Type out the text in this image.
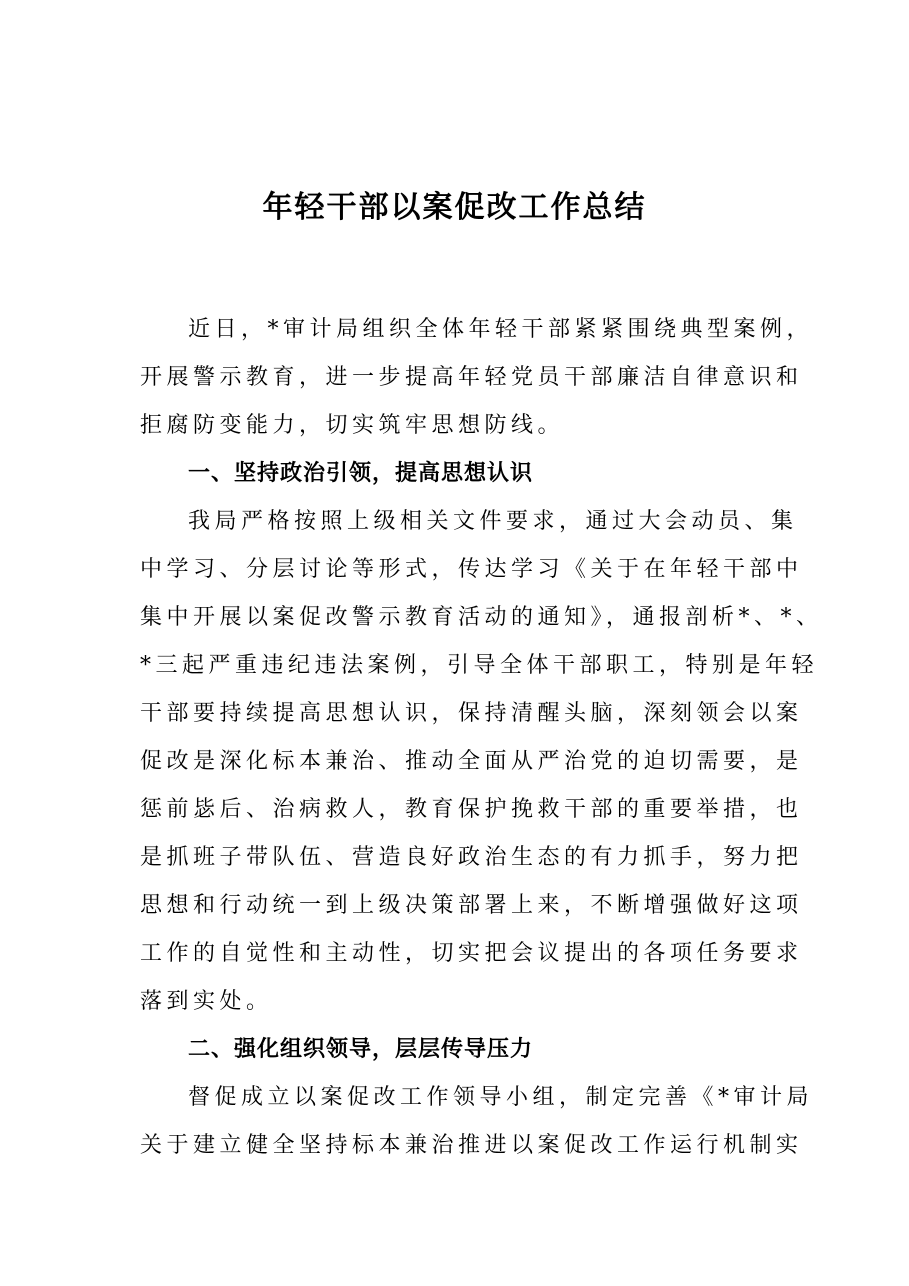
年轻干部以案促改工作总结
近日，*审计局组织全体年轻干部紧紧围绕典型案例，
开展警示教育，进一步提高年轻党员干部廉洁自律意识和
拒腐防变能力，切实筑牢思想防线。
一、坚持政治引领，提高思想认识
我局严格按照上级相关文件要求，通过大会动员、集
中学习、分层讨论等形式，传达学习《关于在年轻干部中
集中开展以案促改警示教育活动的通知》，通报剖析*、*、
*三起严重违纪违法案例，引导全体干部职工，特别是年轻
干部要持续提高思想认识，保持清醒头脑，深刻领会以案
促改是深化标本兼治、推动全面从严治党的迫切需要，是
惩前毖后、治病救人，教育保护挽救干部的重要举措，也
是抓班子带队伍、营造良好政治生态的有力抓手，努力把
思想和行动统一到上级决策部署上来，不断增强做好这项
工作的自觉性和主动性，切实把会议提出的各项任务要求
落到实处。
二、强化组织领导，层层传导压力
督促成立以案促改工作领导小组，制定完善《*审计局
关于建立健全坚持标本兼治推进以案促改工作运行机制实
